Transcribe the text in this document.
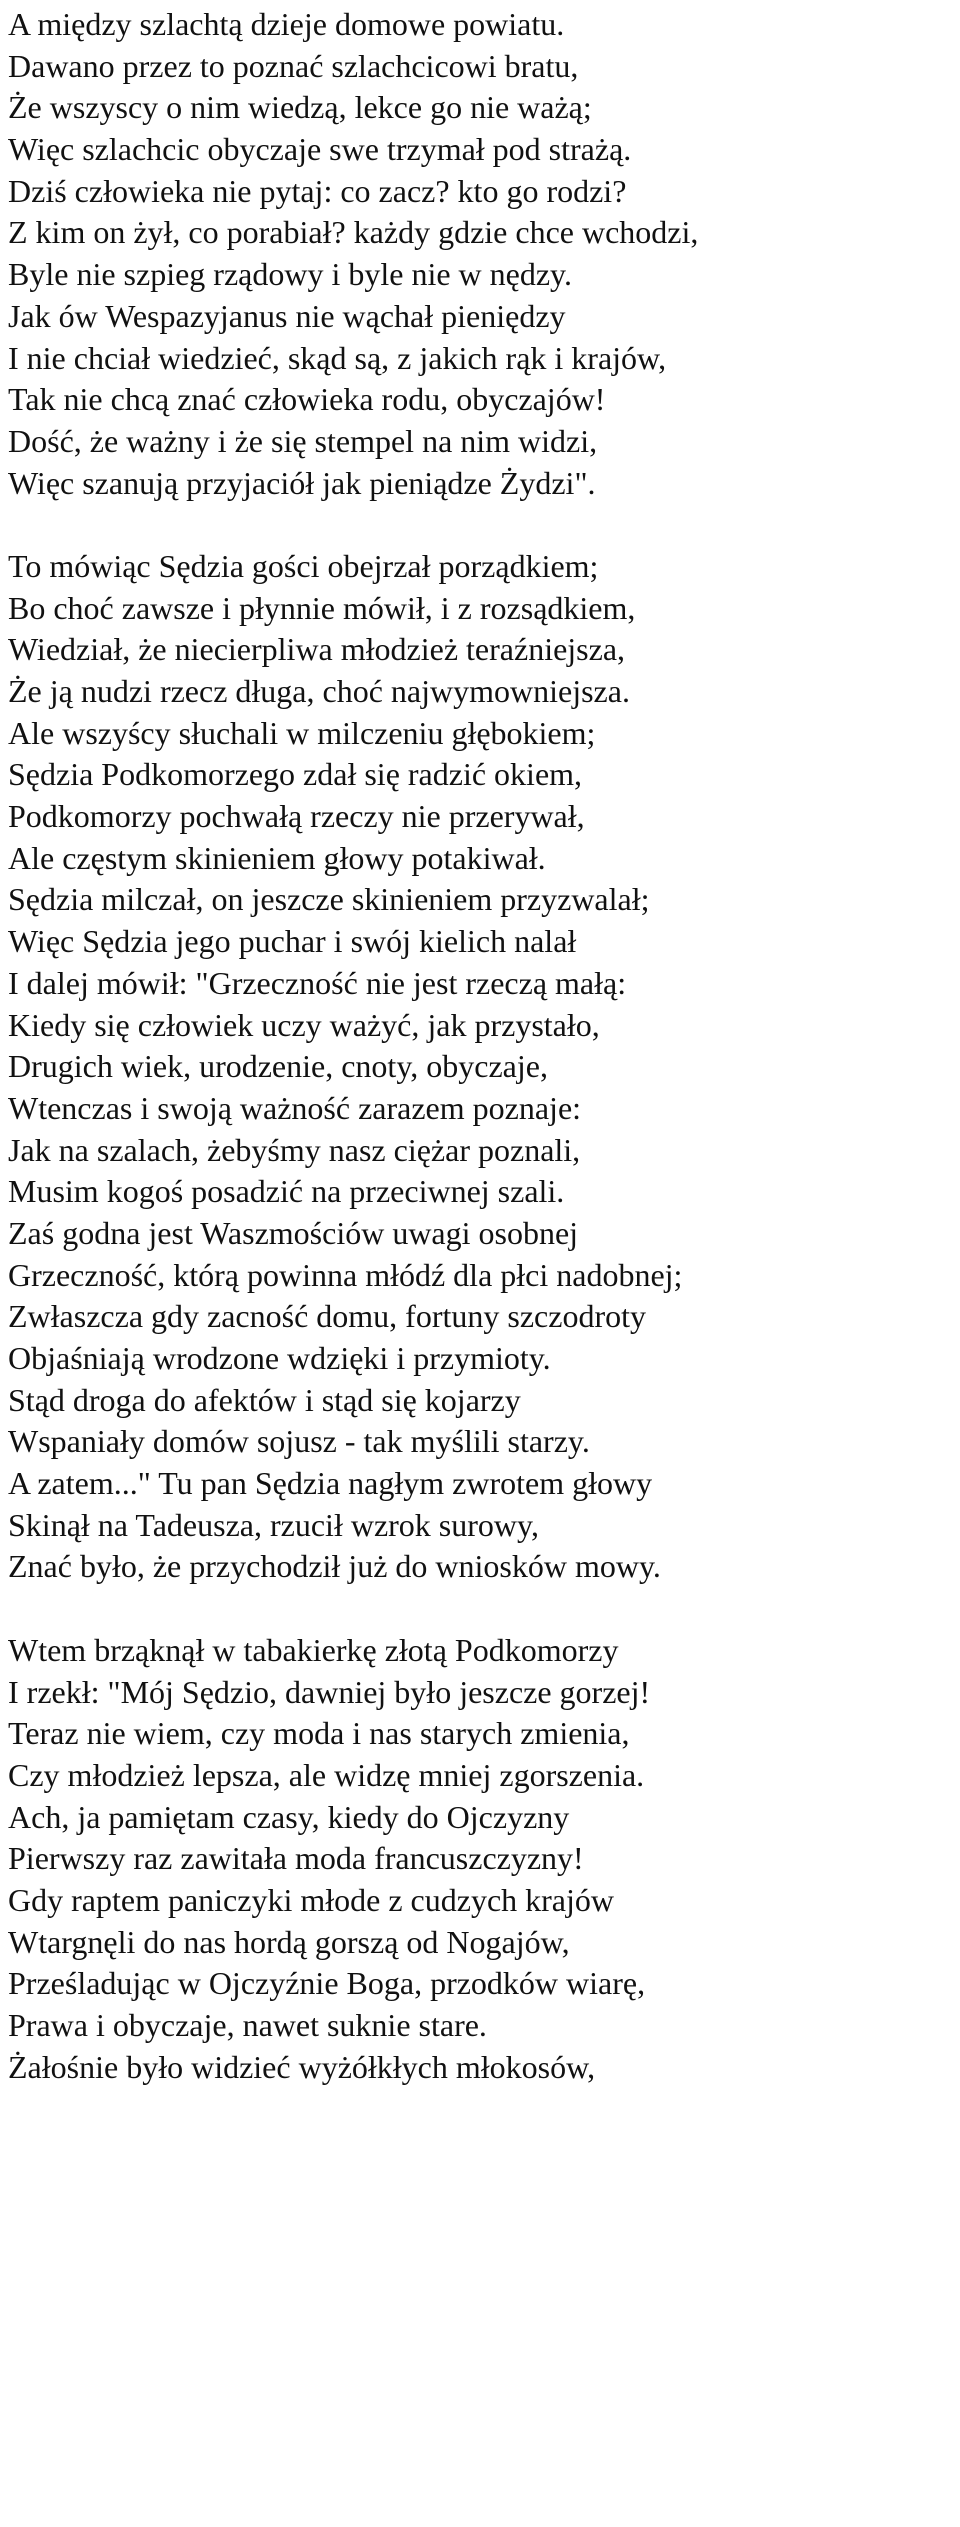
A między szlachtą dzieje domowe powiatu.
Dawano przez to poznać szlachcicowi bratu,
Że wszyscy o nim wiedzą, lekce go nie ważą;
Więc szlachcic obyczaje swe trzymał pod strażą.
Dziś człowieka nie pytaj: co zacz? kto go rodzi?
Z kim on żył, co porabiał? każdy gdzie chce wchodzi,
Byle nie szpieg rządowy i byle nie w nędzy.
Jak ów Wespazyjanus nie wąchał pieniędzy
I nie chciał wiedzieć, skąd są, z jakich rąk i krajów,
Tak nie chcą znać człowieka rodu, obyczajów!
Dość, że ważny i że się stempel na nim widzi,
Więc szanują przyjaciół jak pieniądze Żydzi".
To mówiąc Sędzia gości obejrzał porządkiem;
Bo choć zawsze i płynnie mówił, i z rozsądkiem,
Wiedział, że niecierpliwa młodzież teraźniejsza,
Że ją nudzi rzecz długa, choć najwymowniejsza.
Ale wszyścy słuchali w milczeniu głębokiem;
Sędzia Podkomorzego zdał się radzić okiem,
Podkomorzy pochwałą rzeczy nie przerywał,
Ale częstym skinieniem głowy potakiwał.
Sędzia milczał, on jeszcze skinieniem przyzwalał;
Więc Sędzia jego puchar i swój kielich nalał
I dalej mówił: "Grzeczność nie jest rzeczą małą:
Kiedy się człowiek uczy ważyć, jak przystało,
Drugich wiek, urodzenie, cnoty, obyczaje,
Wtenczas i swoją ważność zarazem poznaje:
Jak na szalach, żebyśmy nasz ciężar poznali,
Musim kogoś posadzić na przeciwnej szali.
Zaś godna jest Waszmościów uwagi osobnej
Grzeczność, którą powinna młódź dla płci nadobnej;
Zwłaszcza gdy zacność domu, fortuny szczodroty
Objaśniają wrodzone wdzięki i przymioty.
Stąd droga do afektów i stąd się kojarzy
Wspaniały domów sojusz - tak myślili starzy.
A zatem..." Tu pan Sędzia nagłym zwrotem głowy
Skinął na Tadeusza, rzucił wzrok surowy,
Znać było, że przychodził już do wniosków mowy.
Wtem brząknął w tabakierkę złotą Podkomorzy
I rzekł: "Mój Sędzio, dawniej było jeszcze gorzej!
Teraz nie wiem, czy moda i nas starych zmienia,
Czy młodzież lepsza, ale widzę mniej zgorszenia.
Ach, ja pamiętam czasy, kiedy do Ojczyzny
Pierwszy raz zawitała moda francuszczyzny!
Gdy raptem paniczyki młode z cudzych krajów
Wtargnęli do nas hordą gorszą od Nogajów,
Prześladując w Ojczyźnie Boga, przodków wiarę,
Prawa i obyczaje, nawet suknie stare.
Żałośnie było widzieć wyżółkłych młokosów,
